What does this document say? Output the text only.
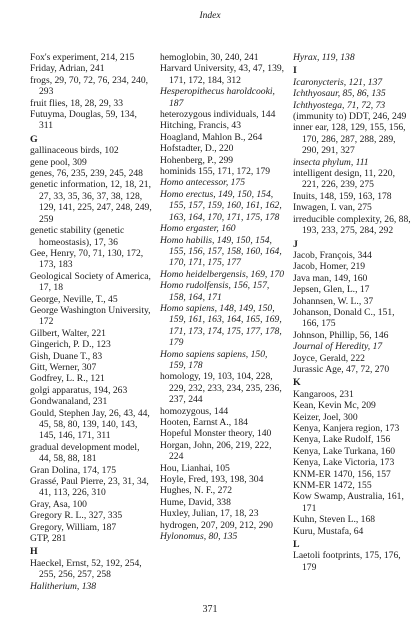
Index
Fox's experiment, 214, 215
Friday, Adrian, 241
frogs, 29, 70, 72, 76, 234, 240, 293
fruit flies, 18, 28, 29, 33
Futuyma, Douglas, 59, 134, 311
G
gallinaceous birds, 102
gene pool, 309
genes, 76, 235, 239, 245, 248
genetic information, 12, 18, 21, 27, 33, 35, 36, 37, 38, 128, 129, 141, 225, 247, 248, 249, 259
genetic stability (genetic homeostasis), 17, 36
Gee, Henry, 70, 71, 130, 172, 173, 183
Geological Society of America, 17, 18
George, Neville, T., 45
George Washington University, 172
Gilbert, Walter, 221
Gingerich, P. D., 123
Gish, Duane T., 83
Gitt, Werner, 307
Godfrey, L. R., 121
golgi apparatus, 194, 263
Gondwanaland, 231
Gould, Stephen Jay, 26, 43, 44, 45, 58, 80, 139, 140, 143, 145, 146, 171, 311
gradual development model, 44, 58, 88, 181
Gran Dolina, 174, 175
Grassé, Paul Pierre, 23, 31, 34, 41, 113, 226, 310
Gray, Asa, 100
Gregory R. L., 327, 335
Gregory, William, 187
GTP, 281
H
Haeckel, Ernst, 52, 192, 254, 255, 256, 257, 258
Halitherium, 138
hemoglobin, 30, 240, 241
Harvard University, 43, 47, 139, 171, 172, 184, 312
Hesperopithecus haroldcooki, 187
heterozygous individuals, 144
Hitching, Francis, 43
Hoagland, Mahlon B., 264
Hofstadter, D., 220
Hohenberg, P., 299
hominids 155, 171, 172, 179
Homo antecessor, 175
Homo erectus, 149, 150, 154, 155, 157, 159, 160, 161, 162, 163, 164, 170, 171, 175, 178
Homo ergaster, 160
Homo habilis, 149, 150, 154, 155, 156, 157, 158, 160, 164, 170, 171, 175, 177
Homo heidelbergensis, 169, 170
Homo rudolfensis, 156, 157, 158, 164, 171
Homo sapiens, 148, 149, 150, 159, 161, 163, 164, 165, 169, 171, 173, 174, 175, 177, 178, 179
Homo sapiens sapiens, 150, 159, 178
homology, 19, 103, 104, 228, 229, 232, 233, 234, 235, 236, 237, 244
homozygous, 144
Hooten, Earnst A., 184
Hopeful Monster theory, 140
Horgan, John, 206, 219, 222, 224
Hou, Lianhai, 105
Hoyle, Fred, 193, 198, 304
Hughes, N. F., 272
Hume, David, 338
Huxley, Julian, 17, 18, 23
hydrogen, 207, 209, 212, 290
Hylonomus, 80, 135
Hyrax, 119, 138
I
Icaronycteris, 121, 137
Ichthyosaur, 85, 86, 135
Ichthyostega, 71, 72, 73
(immunity to) DDT, 246, 249
inner ear, 128, 129, 155, 156, 170, 286, 287, 288, 289, 290, 291, 327
insecta phylum, 111
intelligent design, 11, 220, 221, 226, 239, 275
Inuits, 148, 159, 163, 178
Inwagen, I. van, 275
irreducible complexity, 26, 88, 193, 233, 275, 284, 292
J
Jacob, François, 344
Jacob, Homer, 219
Java man, 149, 160
Jepsen, Glen, L., 17
Johannsen, W. L., 37
Johanson, Donald C., 151, 166, 175
Johnson, Phillip, 56, 146
Journal of Heredity, 17
Joyce, Gerald, 222
Jurassic Age, 47, 72, 270
K
Kangaroos, 231
Kean, Kevin Mc, 209
Keizer, Joel, 300
Kenya, Kanjera region, 173
Kenya, Lake Rudolf, 156
Kenya, Lake Turkana, 160
Kenya, Lake Victoria, 173
KNM-ER 1470, 156, 157
KNM-ER 1472, 155
Kow Swamp, Australia, 161, 171
Kuhn, Steven L., 168
Kuru, Mustafa, 64
L
Laetoli footprints, 175, 176, 179
371
